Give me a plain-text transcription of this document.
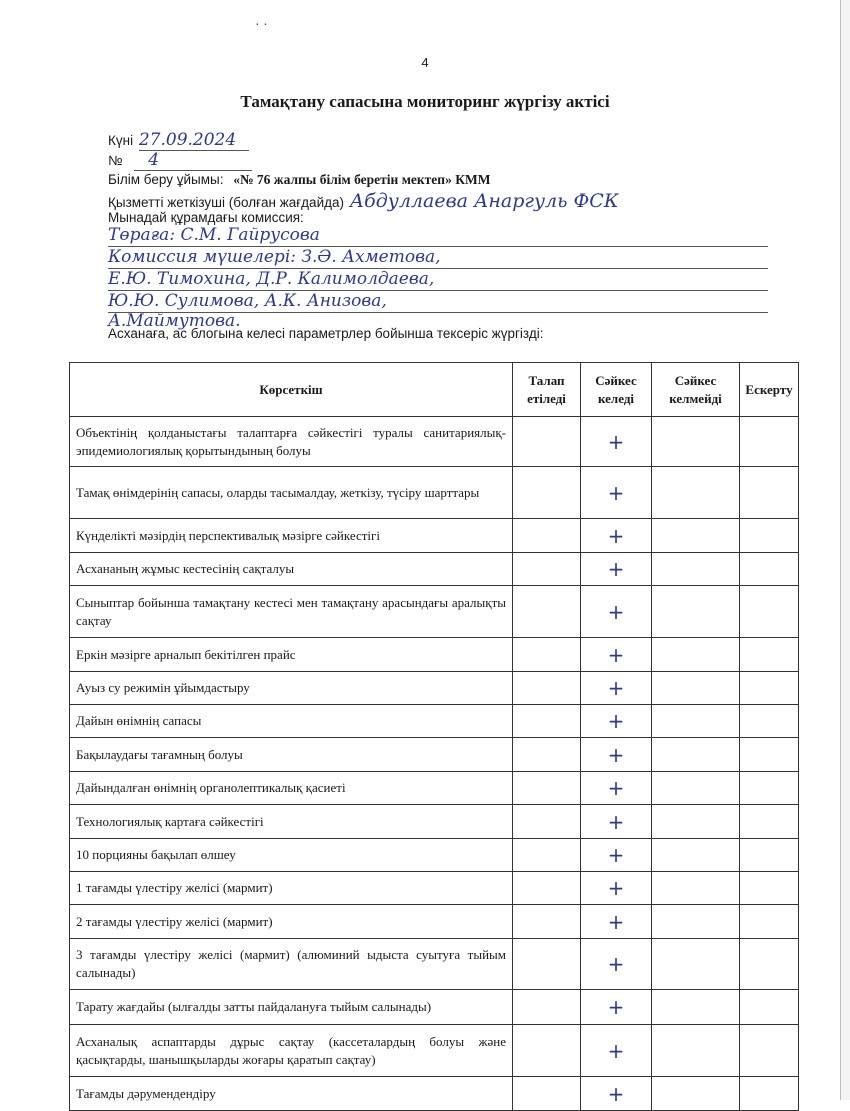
· ·
4
Тамақтану сапасына мониторинг жүргізу актісі
Күні 27.09.2024
№ 4
Білім беру ұйымы: «№ 76 жалпы білім беретін мектеп» КММ
Қызметті жеткізуші (болған жағдайда) Абдуллаева Анаргуль ФСК
Мынадай құрамдағы комиссия:
Төраға: С.М. Гайрусова
Комиссия мүшелері: З.Ә. Ахметова,
Е.Ю. Тимохина, Д.Р. Калимолдаева,
Ю.Ю. Сулимова, А.К. Анизова,
А.Маймутова.
Асханаға, ас блогына келесі параметрлер бойынша тексеріс жүргізді:
Көрсеткіш	Талап етіледі	Сәйкес келеді	Сәйкес келмейді	Ескерту
Объектінің қолданыстағы талаптарға сәйкестігі туралы санитариялық-эпидемиологиялық қорытындының болуы		+		
Тамақ өнімдерінің сапасы, оларды тасымалдау, жеткізу, түсіру шарттары		+		
Күнделікті мәзірдің перспективалық мәзірге сәйкестігі		+		
Асхананың жұмыс кестесінің сақталуы		+		
Сыныптар бойынша тамақтану кестесі мен тамақтану арасындағы аралықты сақтау		+		
Еркін мәзірге арналып бекітілген прайс		+		
Ауыз су режимін ұйымдастыру		+		
Дайын өнімнің сапасы		+		
Бақылаудағы тағамның болуы		+		
Дайындалған өнімнің органолептикалық қасиеті		+		
Технологиялық картаға сәйкестігі		+		
10 порцияны бақылап өлшеу		+		
1 тағамды үлестіру желісі (мармит)		+		
2 тағамды үлестіру желісі (мармит)		+		
3 тағамды үлестіру желісі (мармит) (алюминий ыдыста суытуға тыйым салынады)		+		
Тарату жағдайы (ылғалды затты пайдалануға тыйым салынады)		+		
Асханалық аспаптарды дұрыс сақтау (кассеталардың болуы және қасықтарды, шанышқыларды жоғары қаратып сақтау)		+		
Тағамды дәрумендендіру		+		
